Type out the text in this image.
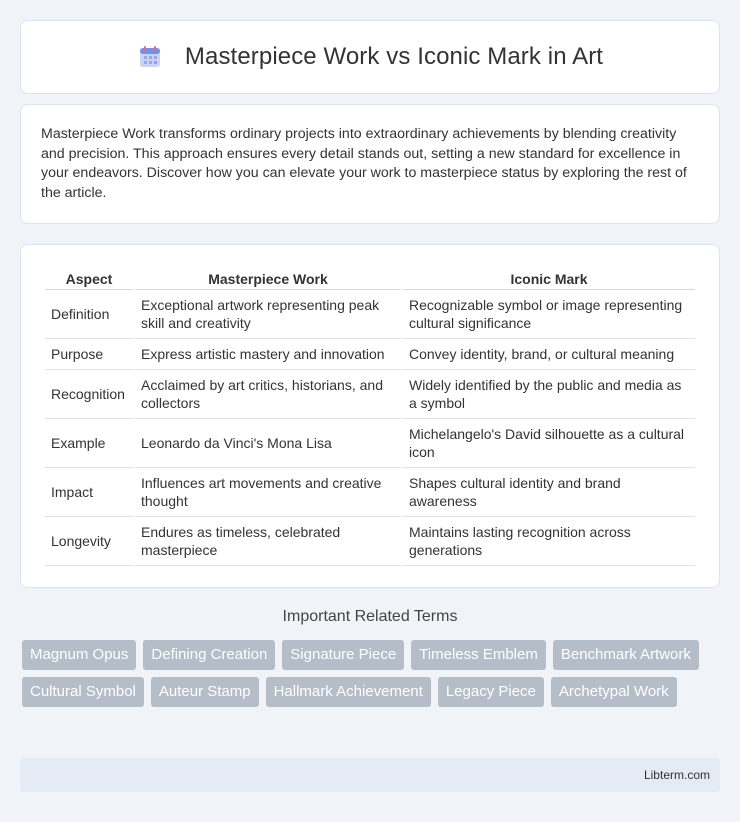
Masterpiece Work vs Iconic Mark in Art

Masterpiece Work transforms ordinary projects into extraordinary achievements by blending creativity and precision. This approach ensures every detail stands out, setting a new standard for excellence in your endeavors. Discover how you can elevate your work to masterpiece status by exploring the rest of the article.

Aspect	Masterpiece Work	Iconic Mark
Definition	Exceptional artwork representing peak skill and creativity	Recognizable symbol or image representing cultural significance
Purpose	Express artistic mastery and innovation	Convey identity, brand, or cultural meaning
Recognition	Acclaimed by art critics, historians, and collectors	Widely identified by the public and media as a symbol
Example	Leonardo da Vinci's Mona Lisa	Michelangelo's David silhouette as a cultural icon
Impact	Influences art movements and creative thought	Shapes cultural identity and brand awareness
Longevity	Endures as timeless, celebrated masterpiece	Maintains lasting recognition across generations
Important Related Terms
Magnum Opus	Defining Creation	Signature Piece	Timeless Emblem	Benchmark Artwork
Cultural Symbol	Auteur Stamp	Hallmark Achievement	Legacy Piece	Archetypal Work
Libterm.com
